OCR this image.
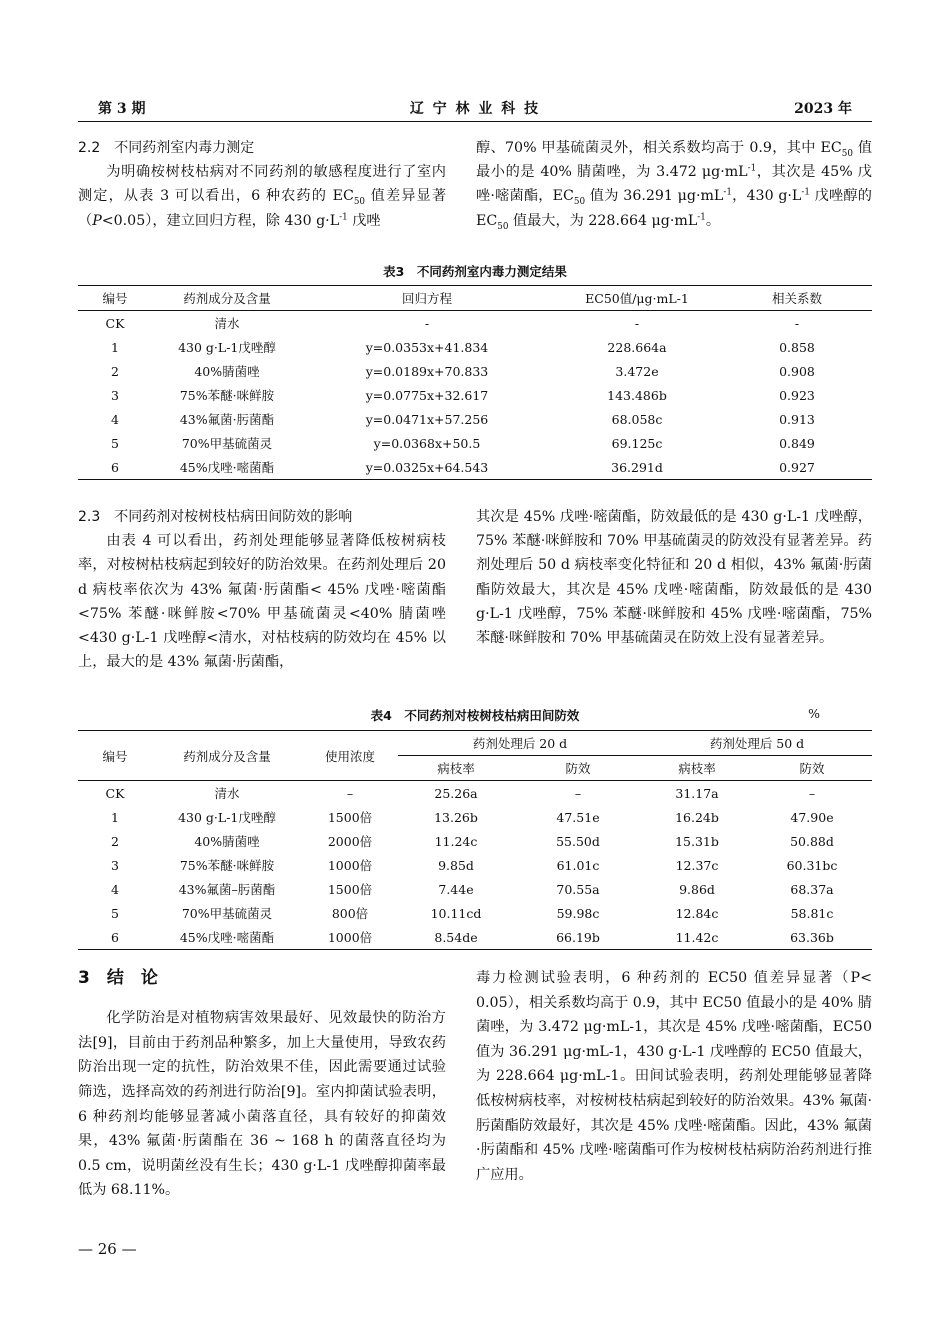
第 3 期	辽 宁 林 业 科 技	2023 年

2.2　不同药剂室内毒力测定

为明确桉树枝枯病对不同药剂的敏感程度进行了室内测定，从表 3 可以看出，6 种农药的 $EC_{50}$ 值差异显著（P<0.05），建立回归方程，除 430 $g\cdot L^{-1}$ 戊唑

醇、70% 甲基硫菌灵外，相关系数均高于 0.9，其中 $EC_{50}$ 值最小的是 40% 腈菌唑，为 3.472 $\mu g\cdot mL^{-1}$，其次是 45% 戊唑·嘧菌酯，$EC_{50}$ 值为 36.291 $\mu g\cdot mL^{-1}$，430 $g\cdot L^{-1}$ 戊唑醇的 $EC_{50}$ 值最大，为 228.664 $\mu g\cdot mL^{-1}$。

表3　不同药剂室内毒力测定结果
编号	药剂成分及含量	回归方程	EC50值/μg·mL-1	相关系数
CK	清水	-	-	-
1	430 g·L-1戊唑醇	y=0.0353x+41.834	228.664a	0.858
2	40%腈菌唑	y=0.0189x+70.833	3.472e	0.908
3	75%苯醚·咪鲜胺	y=0.0775x+32.617	143.486b	0.923
4	43%氟菌·肟菌酯	y=0.0471x+57.256	68.058c	0.913
5	70%甲基硫菌灵	y=0.0368x+50.5	69.125c	0.849
6	45%戊唑·嘧菌酯	y=0.0325x+64.543	36.291d	0.927

2.3　不同药剂对桉树枝枯病田间防效的影响

由表 4 可以看出，药剂处理能够显著降低桉树病枝率，对桉树枯枝病起到较好的防治效果。在药剂处理后 20 d 病枝率依次为 43% 氟菌·肟菌酯< 45% 戊唑·嘧菌酯<75% 苯醚·咪鲜胺<70% 甲基硫菌灵<40% 腈菌唑<430 g·L-1 戊唑醇<清水，对枯枝病的防效均在 45% 以上，最大的是 43% 氟菌·肟菌酯，

其次是 45% 戊唑·嘧菌酯，防效最低的是 430 g·L-1 戊唑醇，75% 苯醚·咪鲜胺和 70% 甲基硫菌灵的防效没有显著差异。药剂处理后 50 d 病枝率变化特征和 20 d 相似，43% 氟菌·肟菌酯防效最大，其次是 45% 戊唑·嘧菌酯，防效最低的是 430 g·L-1 戊唑醇，75% 苯醚·咪鲜胺和 45% 戊唑·嘧菌酯，75% 苯醚·咪鲜胺和 70% 甲基硫菌灵在防效上没有显著差异。

表4　不同药剂对桉树枝枯病田间防效	%
编号	药剂成分及含量	使用浓度	药剂处理后 20 d		药剂处理后 50 d	
			病枝率	防效	病枝率	防效
CK	清水	–	25.26a	–	31.17a	–
1	430 g·L-1戊唑醇	1500倍	13.26b	47.51e	16.24b	47.90e
2	40%腈菌唑	2000倍	11.24c	55.50d	15.31b	50.88d
3	75%苯醚·咪鲜胺	1000倍	9.85d	61.01c	12.37c	60.31bc
4	43%氟菌–肟菌酯	1500倍	7.44e	70.55a	9.86d	68.37a
5	70%甲基硫菌灵	800倍	10.11cd	59.98c	12.84c	58.81c
6	45%戊唑·嘧菌酯	1000倍	8.54de	66.19b	11.42c	63.36b

3　结　论

化学防治是对植物病害效果最好、见效最快的防治方法[9]，目前由于药剂品种繁多，加上大量使用，导致农药防治出现一定的抗性，防治效果不佳，因此需要通过试验筛选，选择高效的药剂进行防治[9]。室内抑菌试验表明，6 种药剂均能够显著减小菌落直径，具有较好的抑菌效果，43% 氟菌·肟菌酯在 36 ~ 168 h 的菌落直径均为 0.5 cm，说明菌丝没有生长；430 g·L-1 戊唑醇抑菌率最低为 68.11%。

毒力检测试验表明，6 种药剂的 EC50 值差异显著（P< 0.05），相关系数均高于 0.9，其中 EC50 值最小的是 40% 腈菌唑，为 3.472 μg·mL-1，其次是 45% 戊唑·嘧菌酯，EC50 值为 36.291 μg·mL-1，430 g·L-1 戊唑醇的 EC50 值最大，为 228.664 μg·mL-1。田间试验表明，药剂处理能够显著降低桉树病枝率，对桉树枝枯病起到较好的防治效果。43% 氟菌·肟菌酯防效最好，其次是 45% 戊唑·嘧菌酯。因此，43% 氟菌·肟菌酯和 45% 戊唑·嘧菌酯可作为桉树枝枯病防治药剂进行推广应用。

— 26 —
